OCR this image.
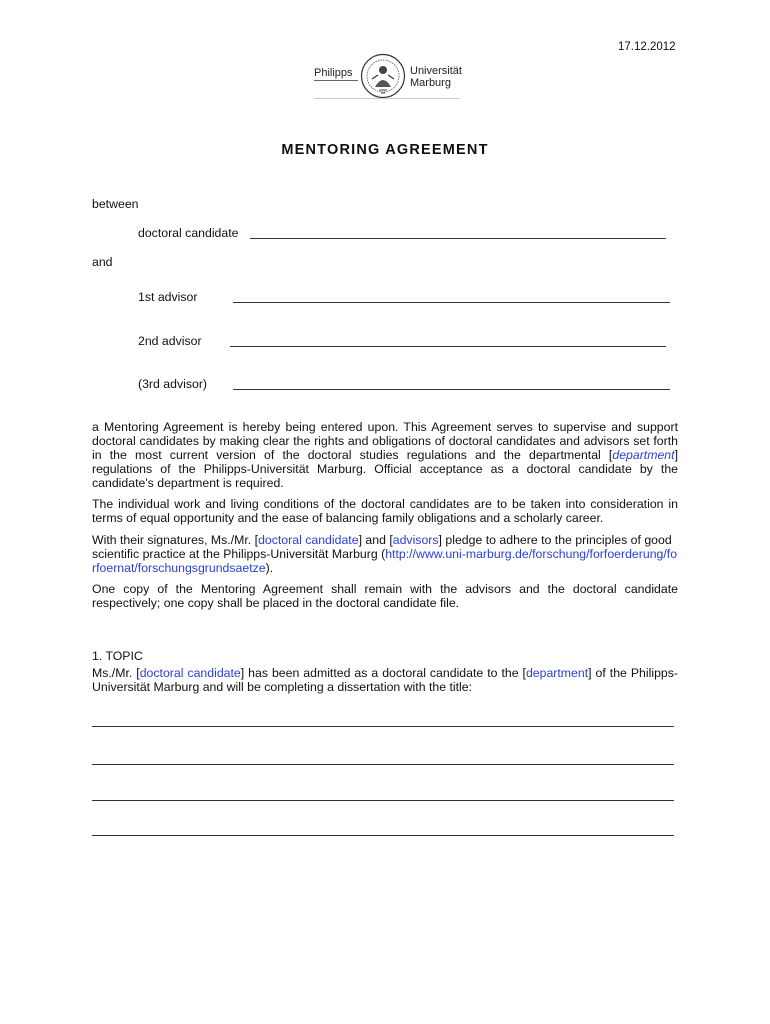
17.12.2012
Philipps	Universität
Marburg
MENTORING AGREEMENT
between
doctoral candidate
and
1st advisor
2nd advisor
(3rd advisor)

a Mentoring Agreement is hereby being entered upon. This Agreement serves to supervise and support doctoral candidates by making clear the rights and obligations of doctoral candidates and advisors set forth in the most current version of the doctoral studies regulations and the departmental [department] regulations of the Philipps-Universität Marburg. Official acceptance as a doctoral candidate by the candidate's department is required.

The individual work and living conditions of the doctoral candidates are to be taken into consideration in terms of equal opportunity and the ease of balancing family obligations and a scholarly career.

With their signatures, Ms./Mr. [doctoral candidate] and [advisors] pledge to adhere to the principles of good scientific practice at the Philipps-Universität Marburg (http://www.uni-marburg.de/forschung/forfoerderung/forfoernat/forschungsgrundsaetze).

One copy of the Mentoring Agreement shall remain with the advisors and the doctoral candidate respectively; one copy shall be placed in the doctoral candidate file.

1. TOPIC

Ms./Mr. [doctoral candidate] has been admitted as a doctoral candidate to the [department] of the Philipps-Universität Marburg and will be completing a dissertation with the title:
